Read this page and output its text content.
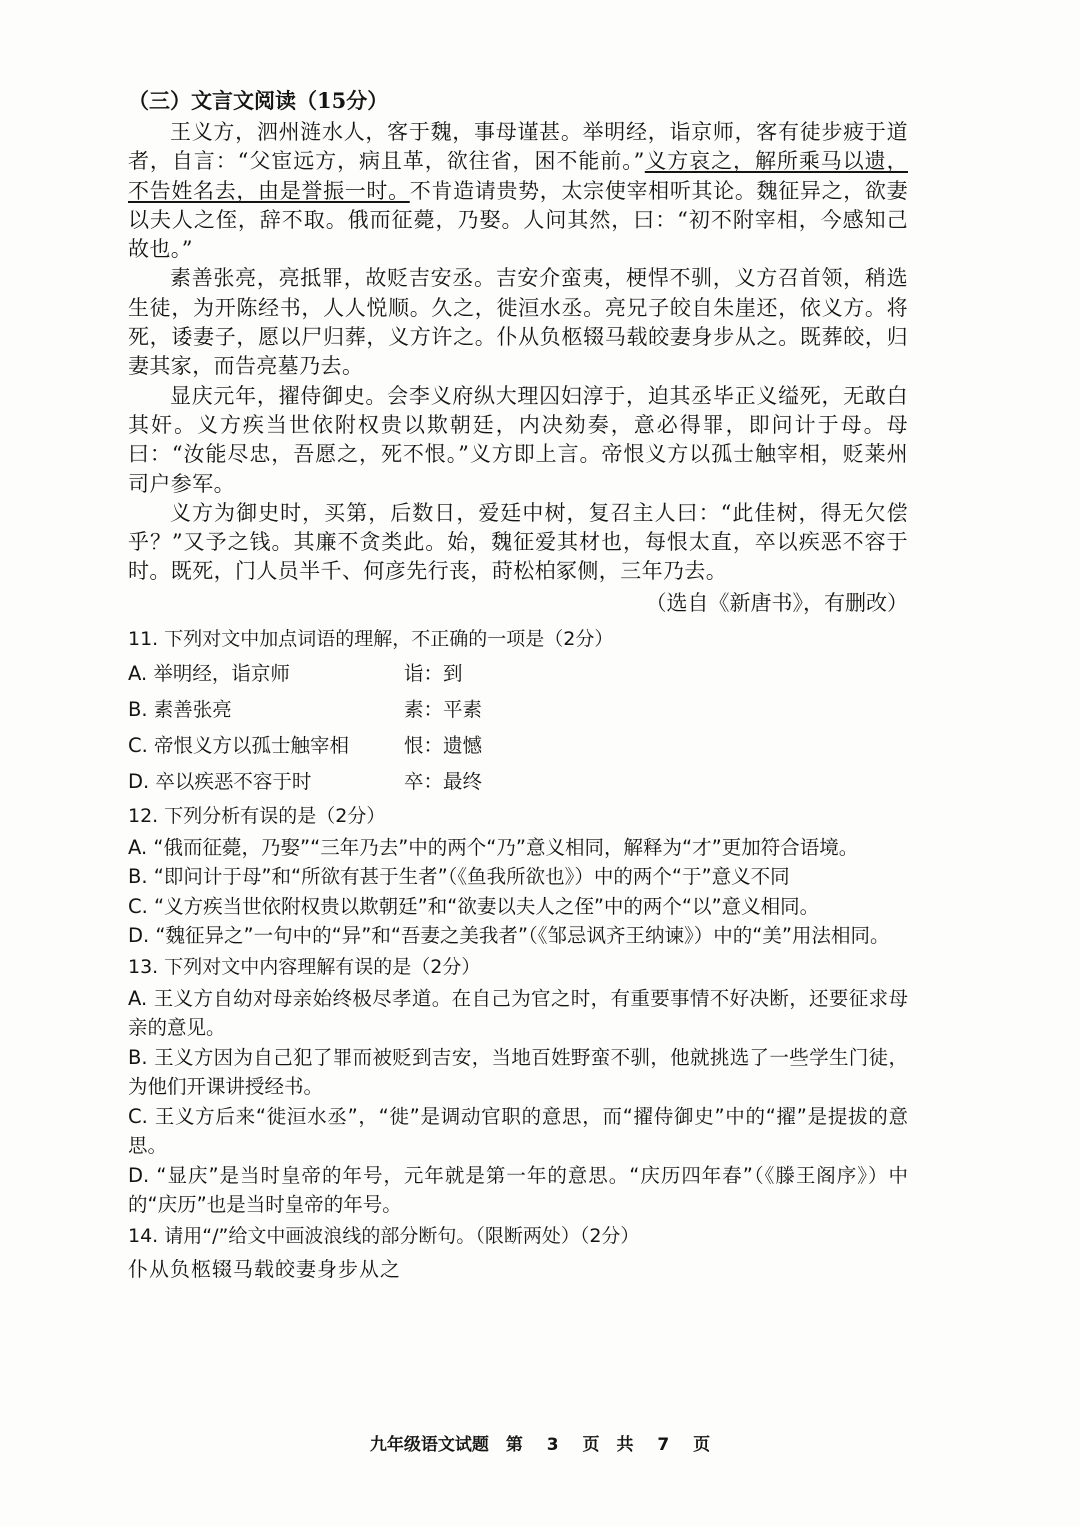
（三）文言文阅读（15分）

王义方，泗州涟水人，客于魏，事母谨甚。举明经，诣京师，客有徒步疲于道者，自言：“父宦远方，病且革，欲往省，困不能前。”义方哀之，解所乘马以遗，不告姓名去，由是誉振一时。不肯造请贵势，太宗使宰相听其论。魏征异之，欲妻以夫人之侄，辞不取。俄而征薨，乃娶。人问其然，曰：“初不附宰相，今感知己故也。”

素善张亮，亮抵罪，故贬吉安丞。吉安介蛮夷，梗悍不驯，义方召首领，稍选生徒，为开陈经书，人人悦顺。久之，徙洹水丞。亮兄子皎自朱崖还，依义方。将死，诿妻子，愿以尸归葬，义方许之。仆从负柩辍马载皎妻身步从之。既葬皎，归妻其家，而告亮墓乃去。

显庆元年，擢侍御史。会李义府纵大理囚妇淳于，迫其丞毕正义缢死，无敢白其奸。义方疾当世依附权贵以欺朝廷，内决劾奏，意必得罪，即问计于母。母曰：“汝能尽忠，吾愿之，死不恨。”义方即上言。帝恨义方以孤士触宰相，贬莱州司户参军。

义方为御史时，买第，后数日，爱廷中树，复召主人曰：“此佳树，得无欠偿乎？”又予之钱。其廉不贪类此。始，魏征爱其材也，每恨太直，卒以疾恶不容于时。既死，门人员半千、何彦先行丧，莳松柏冢侧，三年乃去。

（选自《新唐书》，有删改）

11. 下列对文中加点词语的理解，不正确的一项是（2分）

A. 举明经，诣京师	诣：到
B. 素善张亮	素：平素
C. 帝恨义方以孤士触宰相	恨：遗憾
D. 卒以疾恶不容于时	卒：最终

12. 下列分析有误的是（2分）

A. “俄而征薨，乃娶”“三年乃去”中的两个“乃”意义相同，解释为“才”更加符合语境。

B. “即问计于母”和“所欲有甚于生者”（《鱼我所欲也》）中的两个“于”意义不同

C. “义方疾当世依附权贵以欺朝廷”和“欲妻以夫人之侄”中的两个“以”意义相同。

D. “魏征异之”一句中的“异”和“吾妻之美我者”（《邹忌讽齐王纳谏》）中的“美”用法相同。

13. 下列对文中内容理解有误的是（2分）

A. 王义方自幼对母亲始终极尽孝道。在自己为官之时，有重要事情不好决断，还要征求母亲的意见。

B. 王义方因为自己犯了罪而被贬到吉安，当地百姓野蛮不驯，他就挑选了一些学生门徒，为他们开课讲授经书。

C. 王义方后来“徙洹水丞”，“徙”是调动官职的意思，而“擢侍御史”中的“擢”是提拔的意思。

D. “显庆”是当时皇帝的年号，元年就是第一年的意思。“庆历四年春”（《滕王阁序》）中的“庆历”也是当时皇帝的年号。

14. 请用“/”给文中画波浪线的部分断句。（限断两处）（2分）

仆从负柩辍马载皎妻身步从之

九年级语文试题　第 3 页　共 7 页
